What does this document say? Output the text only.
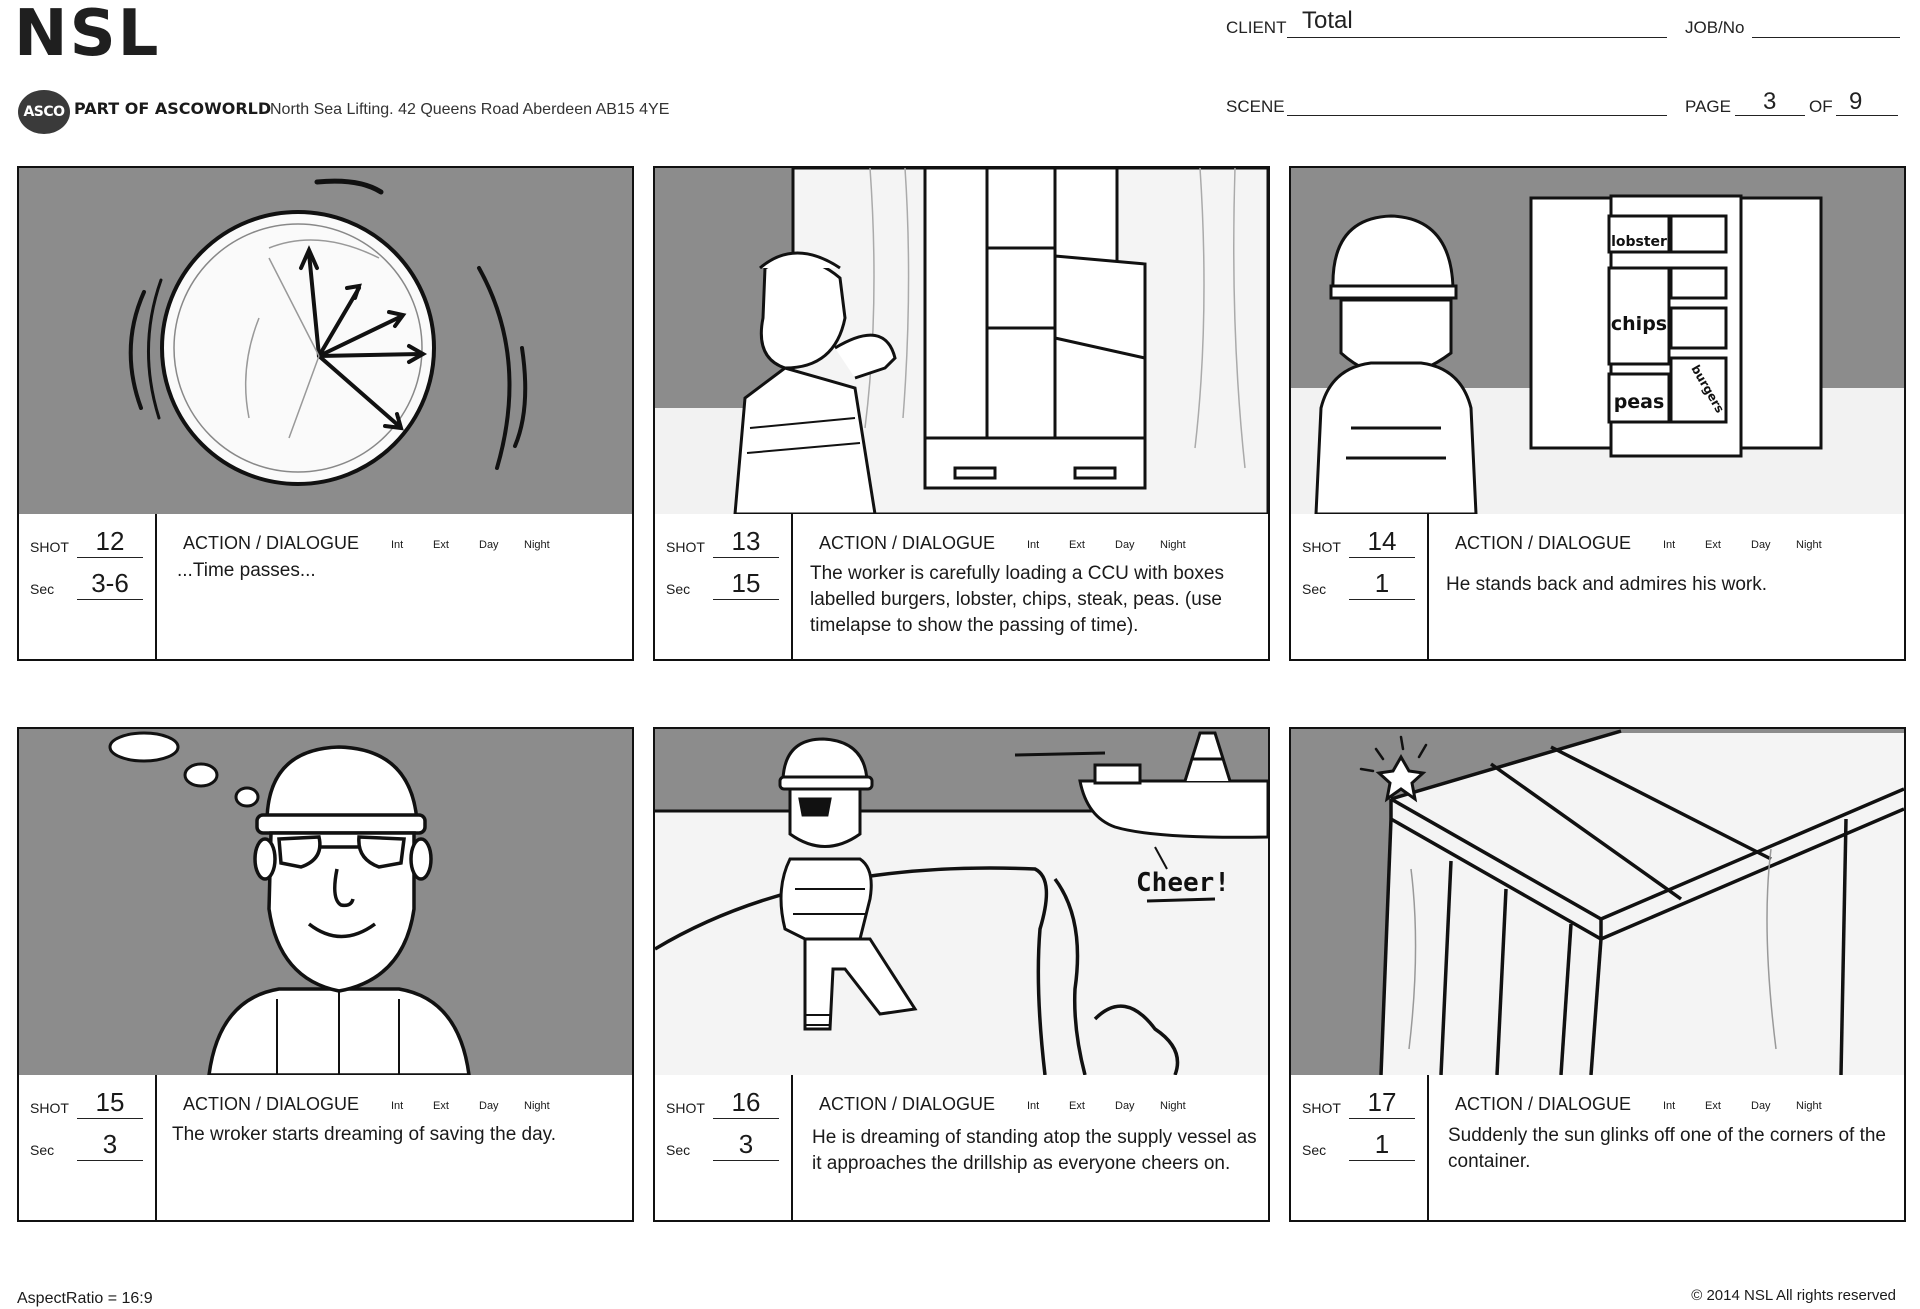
NSL
ASCO PART OF ASCOWORLD
North Sea Lifting. 42 Queens Road Aberdeen AB15 4YE
CLIENT Total	JOB/No
SCENE	PAGE 3 OF 9
SHOT	12
Sec	3-6
ACTION / DIALOGUE	Int	Ext	Day Night
...Time passes...
SHOT	13
Sec	15
ACTION / DIALOGUE	Int	Ext	Day Night
The worker is carefully loading a CCU with boxes labelled burgers, lobster, chips, steak, peas. (use timelapse to show the passing of time).
lobster
chips
peas burgers
SHOT	14
Sec	1
ACTION / DIALOGUE	Int	Ext	Day Night
He stands back and admires his work.
SHOT	15
Sec	3
ACTION / DIALOGUE	Int	Ext	Day Night
The wroker starts dreaming of saving the day.
Cheer!
SHOT	16
Sec	3
ACTION / DIALOGUE	Int	Ext	Day Night
He is dreaming of standing atop the supply vessel as it approaches the drillship as everyone cheers on.
SHOT	17
Sec	1
ACTION / DIALOGUE	Int	Ext	Day Night
Suddenly the sun glinks off one of the corners of the container.
AspectRatio = 16:9	© 2014 NSL All rights reserved
